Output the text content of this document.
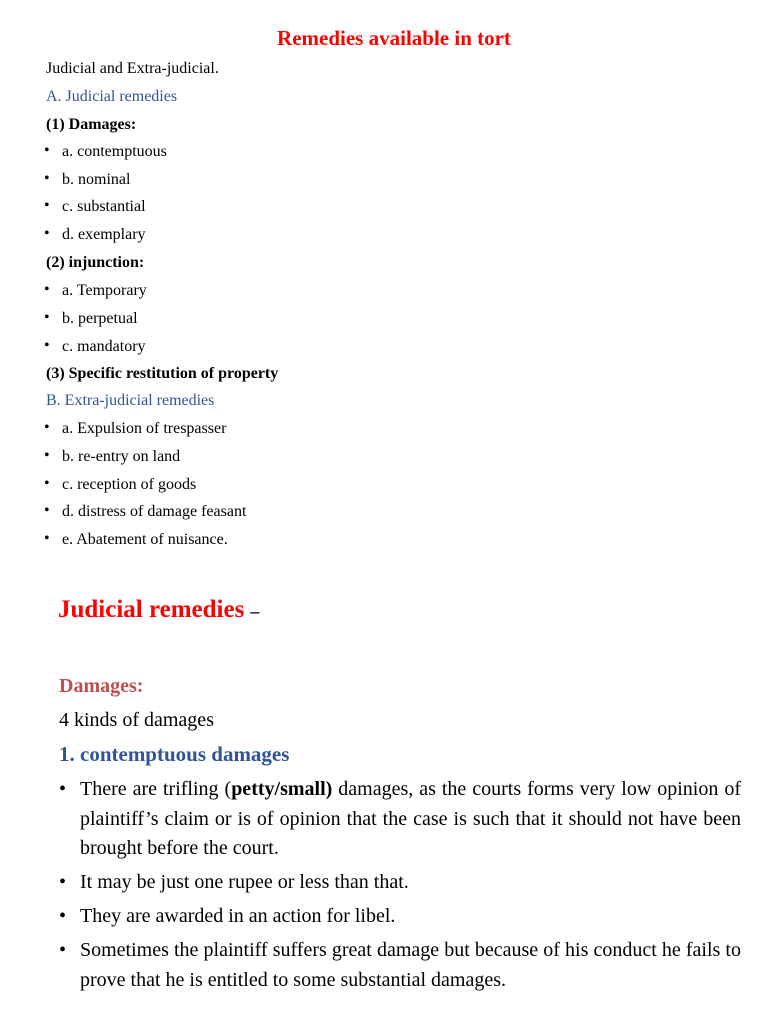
Remedies available in tort

Judicial and Extra-judicial.

A. Judicial remedies

(1) Damages:

• a. contemptuous

• b. nominal

• c. substantial

• d. exemplary

(2) injunction:

• a. Temporary

• b. perpetual

• c. mandatory

(3) Specific restitution of property

B. Extra-judicial remedies

• a. Expulsion of trespasser

• b. re-entry on land

• c. reception of goods

• d. distress of damage feasant

• e. Abatement of nuisance.

Judicial remedies –
Damages:

4 kinds of damages

1. contemptuous damages

• There are trifling (petty/small) damages, as the courts forms very low opinion of plaintiff’s claim or is of opinion that the case is such that it should not have been brought before the court.

• It may be just one rupee or less than that.

• They are awarded in an action for libel.

• Sometimes the plaintiff suffers great damage but because of his conduct he fails to prove that he is entitled to some substantial damages.
